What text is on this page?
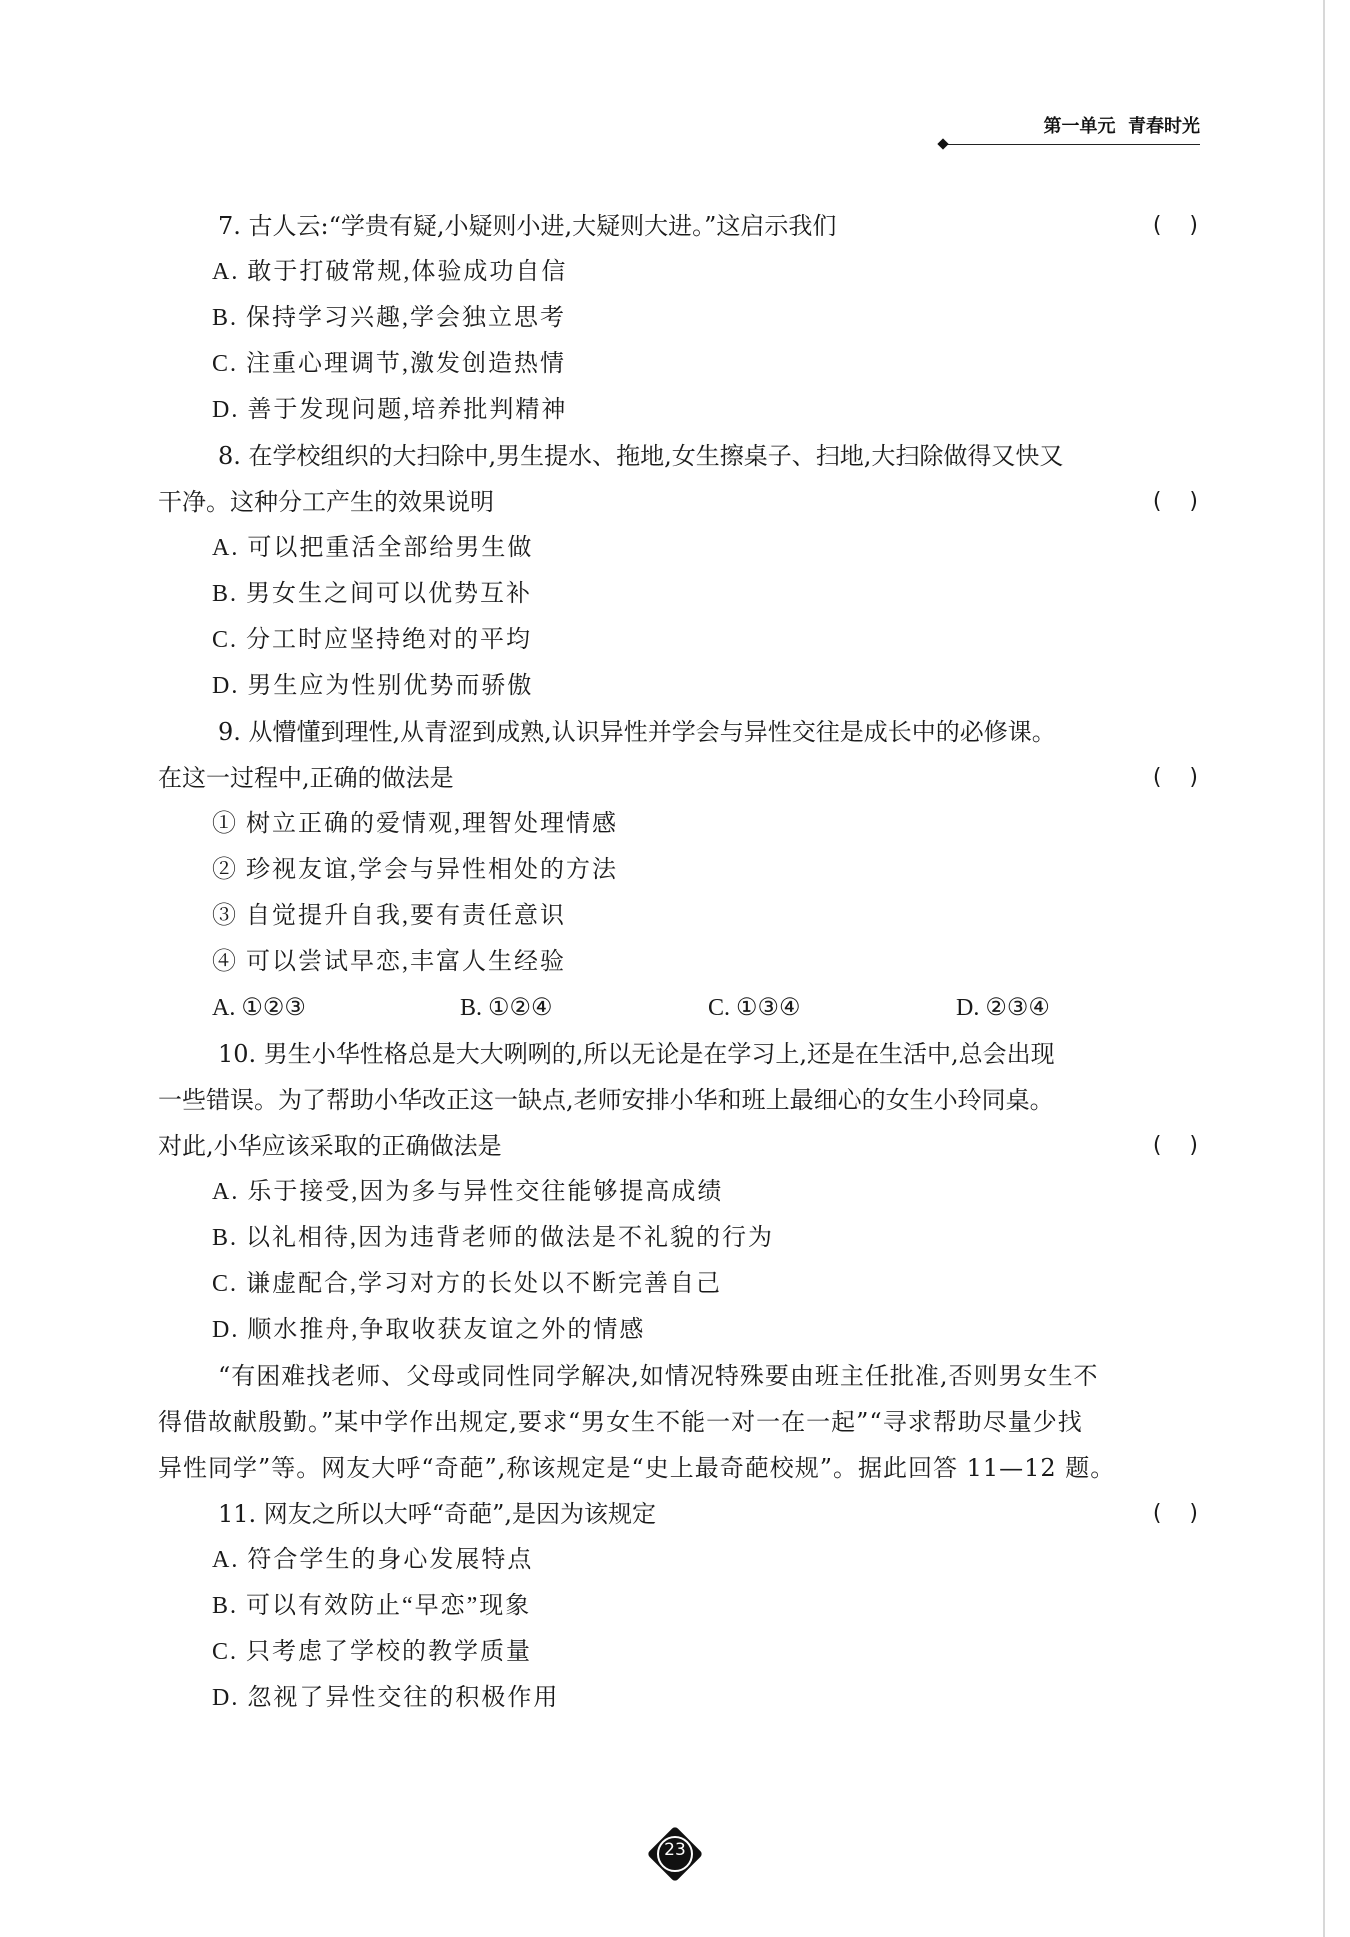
第一单元  青春时光
7. 古人云:“学贵有疑,小疑则小进,大疑则大进。”这启示我们	(    )
A. 敢于打破常规,体验成功自信
B. 保持学习兴趣,学会独立思考
C. 注重心理调节,激发创造热情
D. 善于发现问题,培养批判精神
8. 在学校组织的大扫除中,男生提水、拖地,女生擦桌子、扫地,大扫除做得又快又
干净。这种分工产生的效果说明	(    )
A. 可以把重活全部给男生做
B. 男女生之间可以优势互补
C. 分工时应坚持绝对的平均
D. 男生应为性别优势而骄傲
9. 从懵懂到理性,从青涩到成熟,认识异性并学会与异性交往是成长中的必修课。
在这一过程中,正确的做法是	(    )
① 树立正确的爱情观,理智处理情感
② 珍视友谊,学会与异性相处的方法
③ 自觉提升自我,要有责任意识
④ 可以尝试早恋,丰富人生经验
A. ①②③	B. ①②④	C. ①③④	D. ②③④
10. 男生小华性格总是大大咧咧的,所以无论是在学习上,还是在生活中,总会出现
一些错误。为了帮助小华改正这一缺点,老师安排小华和班上最细心的女生小玲同桌。
对此,小华应该采取的正确做法是	(    )
A. 乐于接受,因为多与异性交往能够提高成绩
B. 以礼相待,因为违背老师的做法是不礼貌的行为
C. 谦虚配合,学习对方的长处以不断完善自己
D. 顺水推舟,争取收获友谊之外的情感
“有困难找老师、父母或同性同学解决,如情况特殊要由班主任批准,否则男女生不
得借故献殷勤。”某中学作出规定,要求“男女生不能一对一在一起”“寻求帮助尽量少找
异性同学”等。网友大呼“奇葩”,称该规定是“史上最奇葩校规”。据此回答 11—12 题。
11. 网友之所以大呼“奇葩”,是因为该规定	(    )
A. 符合学生的身心发展特点
B. 可以有效防止“早恋”现象
C. 只考虑了学校的教学质量
D. 忽视了异性交往的积极作用
23
